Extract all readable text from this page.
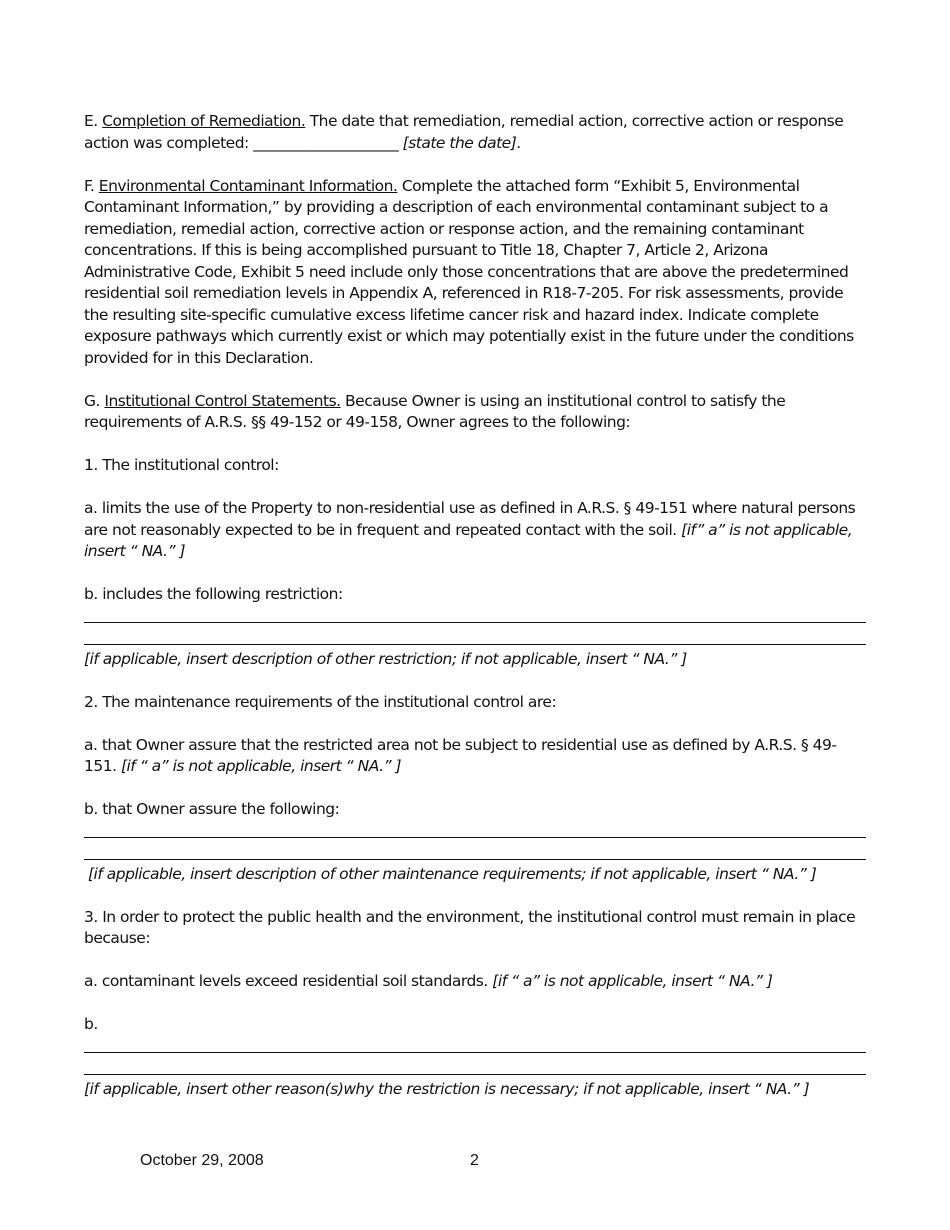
E. Completion of Remediation. The date that remediation, remedial action, corrective action or response action was completed: ____________________ [state the date].

F. Environmental Contaminant Information. Complete the attached form “Exhibit 5, Environmental Contaminant Information,” by providing a description of each environmental contaminant subject to a remediation, remedial action, corrective action or response action, and the remaining contaminant concentrations. If this is being accomplished pursuant to Title 18, Chapter 7, Article 2, Arizona Administrative Code, Exhibit 5 need include only those concentrations that are above the predetermined residential soil remediation levels in Appendix A, referenced in R18-7-205. For risk assessments, provide the resulting site-specific cumulative excess lifetime cancer risk and hazard index. Indicate complete exposure pathways which currently exist or which may potentially exist in the future under the conditions provided for in this Declaration.

G. Institutional Control Statements. Because Owner is using an institutional control to satisfy the requirements of A.R.S. §§ 49-152 or 49-158, Owner agrees to the following:

1. The institutional control:

a. limits the use of the Property to non-residential use as defined in A.R.S. § 49-151 where natural persons are not reasonably expected to be in frequent and repeated contact with the soil. [if” a” is not applicable, insert “ NA.” ]

b. includes the following restriction:

[if applicable, insert description of other restriction; if not applicable, insert “ NA.” ]

2. The maintenance requirements of the institutional control are:

a. that Owner assure that the restricted area not be subject to residential use as defined by A.R.S. § 49-151. [if “ a” is not applicable, insert “ NA.” ]

b. that Owner assure the following:

[if applicable, insert description of other maintenance requirements; if not applicable, insert “ NA.” ]

3. In order to protect the public health and the environment, the institutional control must remain in place because:

a. contaminant levels exceed residential soil standards. [if “ a” is not applicable, insert “ NA.” ]

b.

[if applicable, insert other reason(s)why the restriction is necessary; if not applicable, insert “ NA.” ]

October 29, 2008	2
